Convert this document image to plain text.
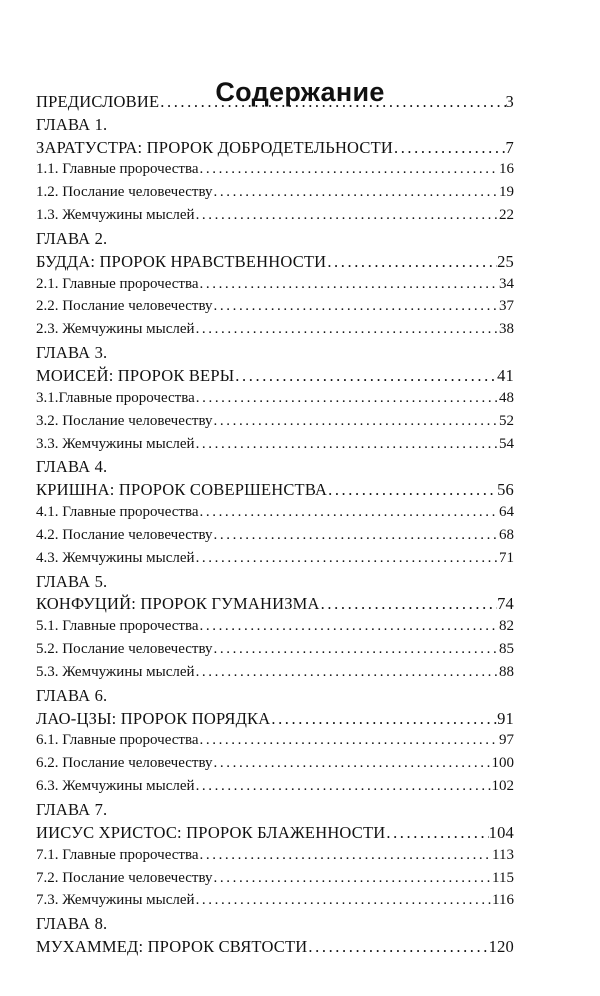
Содержание
ПРЕДИСЛОВИЕ .....	3
ГЛАВА 1.
ЗАРАТУСТРА: ПРОРОК ДОБРОДЕТЕЛЬНОСТИ .....	7
1.1. Главные пророчества .....	16
1.2. Послание человечеству .....	19
1.3. Жемчужины мыслей .....	22
ГЛАВА 2.
БУДДА: ПРОРОК НРАВСТВЕННОСТИ .....	25
2.1. Главные пророчества .....	34
2.2. Послание человечеству .....	37
2.3. Жемчужины мыслей .....	38
ГЛАВА 3.
МОИСЕЙ: ПРОРОК ВЕРЫ .....	41
3.1.Главные пророчества .....	48
3.2. Послание человечеству .....	52
3.3. Жемчужины мыслей .....	54
ГЛАВА 4.
КРИШНА: ПРОРОК СОВЕРШЕНСТВА .....	56
4.1. Главные пророчества .....	64
4.2. Послание человечеству .....	68
4.3. Жемчужины мыслей .....	71
ГЛАВА 5.
КОНФУЦИЙ: ПРОРОК ГУМАНИЗМА .....	74
5.1. Главные пророчества .....	82
5.2. Послание человечеству .....	85
5.3. Жемчужины мыслей .....	88
ГЛАВА 6.
ЛАО-ЦЗЫ: ПРОРОК ПОРЯДКА .....	91
6.1. Главные пророчества .....	97
6.2. Послание человечеству .....	100
6.3. Жемчужины мыслей .....	102
ГЛАВА 7.
ИИСУС ХРИСТОС: ПРОРОК БЛАЖЕННОСТИ .....	104
7.1. Главные пророчества .....	113
7.2. Послание человечеству .....	115
7.3. Жемчужины мыслей .....	116
ГЛАВА 8.
МУХАММЕД: ПРОРОК СВЯТОСТИ .....	120
